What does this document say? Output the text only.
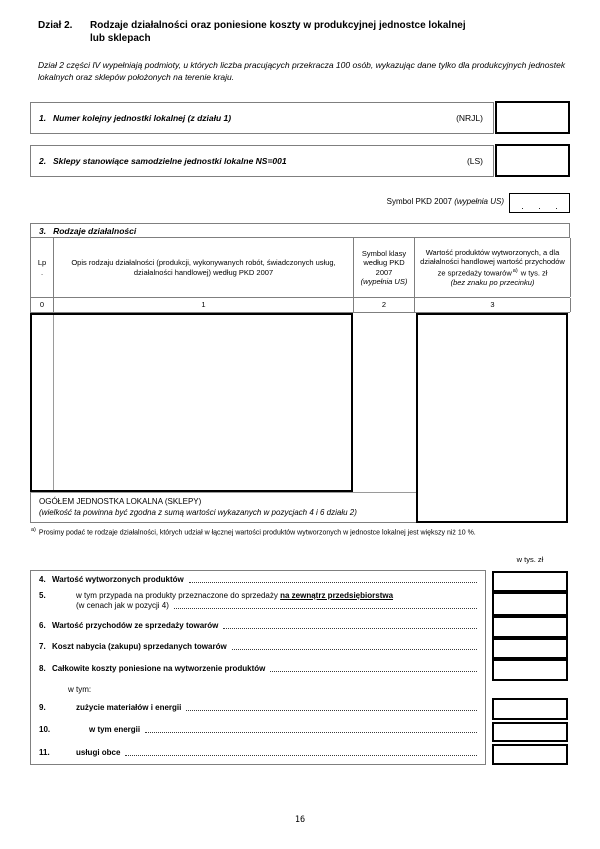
Dział 2.	Rodzaje działalności oraz poniesione koszty w produkcyjnej jednostce lokalnej
lub sklepach
Dział 2 części IV wypełniają podmioty, u których liczba pracujących przekracza 100 osób, wykazując dane tylko dla produkcyjnych jednostek lokalnych oraz sklepów położonych na terenie kraju.
1. Numer kolejny jednostki lokalnej (z działu 1)	(NRJL)
2. Sklepy stanowiące samodzielne jednostki lokalne NS=001	(LS)
Symbol PKD 2007 (wypełnia US)	. . .
3. Rodzaje działalności
Lp
.
Opis rodzaju działalności (produkcji, wykonywanych robót, świadczonych usług, działalności handlowej) według PKD 2007
Symbol klasy według PKD 2007
(wypełnia US)
Wartość produktów wytworzonych, a dla działalności handlowej wartość przychodów ze sprzedaży towarów$^{a)}$ w tys. zł
(bez znaku po przecinku)
0	1	2	3
OGÓŁEM JEDNOSTKA LOKALNA (SKLEPY)
(wielkość ta powinna być zgodna z sumą wartości wykazanych w pozycjach 4 i 6 działu 2)
$^{a)}$ Prosimy podać te rodzaje działalności, których udział w łącznej wartości produktów wytworzonych w jednostce lokalnej jest większy niż 10 %.
w tys. zł
4. Wartość wytworzonych produktów
5.	w tym przypada na produkty przeznaczone do sprzedaży na zewnątrz przedsiębiorstwa
(w cenach jak w pozycji 4)
6. Wartość przychodów ze sprzedaży towarów
7. Koszt nabycia (zakupu) sprzedanych towarów
8. Całkowite koszty poniesione na wytworzenie produktów
w tym:
9.	zużycie materiałów i energii
10.	w tym energii
11.	usługi obce
16
